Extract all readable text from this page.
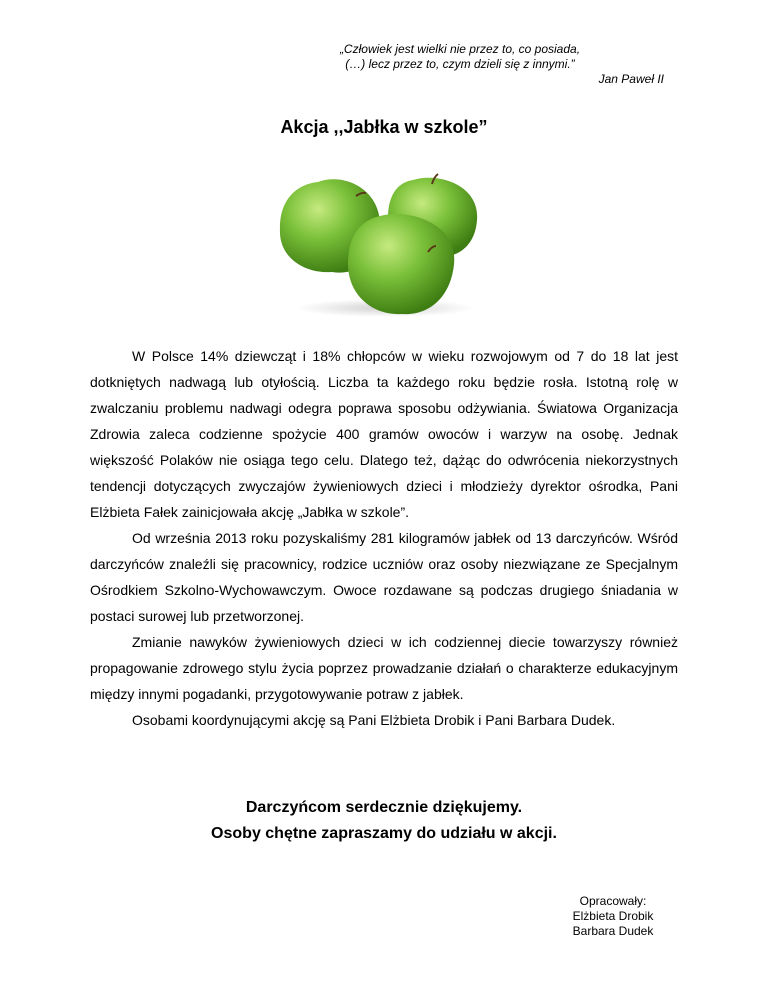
„Człowiek jest wielki nie przez to, co posiada,
(…) lecz przez to, czym dzieli się z innymi.”

Jan Paweł II
Akcja ,,Jabłka w szkole”

W Polsce 14% dziewcząt i 18% chłopców w wieku rozwojowym od 7 do 18 lat jest dotkniętych nadwagą lub otyłością. Liczba ta każdego roku będzie rosła. Istotną rolę w zwalczaniu problemu nadwagi odegra poprawa sposobu odżywiania. Światowa Organizacja Zdrowia zaleca codzienne spożycie 400 gramów owoców i warzyw na osobę. Jednak większość Polaków nie osiąga tego celu. Dlatego też, dążąc do odwrócenia niekorzystnych tendencji dotyczących zwyczajów żywieniowych dzieci i młodzieży dyrektor ośrodka, Pani Elżbieta Fałek zainicjowała akcję „Jabłka w szkole”.

Od września 2013 roku pozyskaliśmy 281 kilogramów jabłek od 13 darczyńców. Wśród darczyńców znaleźli się pracownicy, rodzice uczniów oraz osoby niezwiązane ze Specjalnym Ośrodkiem Szkolno-Wychowawczym. Owoce rozdawane są podczas drugiego śniadania w postaci surowej lub przetworzonej.

Zmianie nawyków żywieniowych dzieci w ich codziennej diecie towarzyszy również propagowanie zdrowego stylu życia poprzez prowadzanie działań o charakterze edukacyjnym między innymi pogadanki, przygotowywanie potraw z jabłek.

Osobami koordynującymi akcję są Pani Elżbieta Drobik i Pani Barbara Dudek.

Darczyńcom serdecznie dziękujemy.
Osoby chętne zapraszamy do udziału w akcji.
Opracowały:
Elżbieta Drobik
Barbara Dudek
